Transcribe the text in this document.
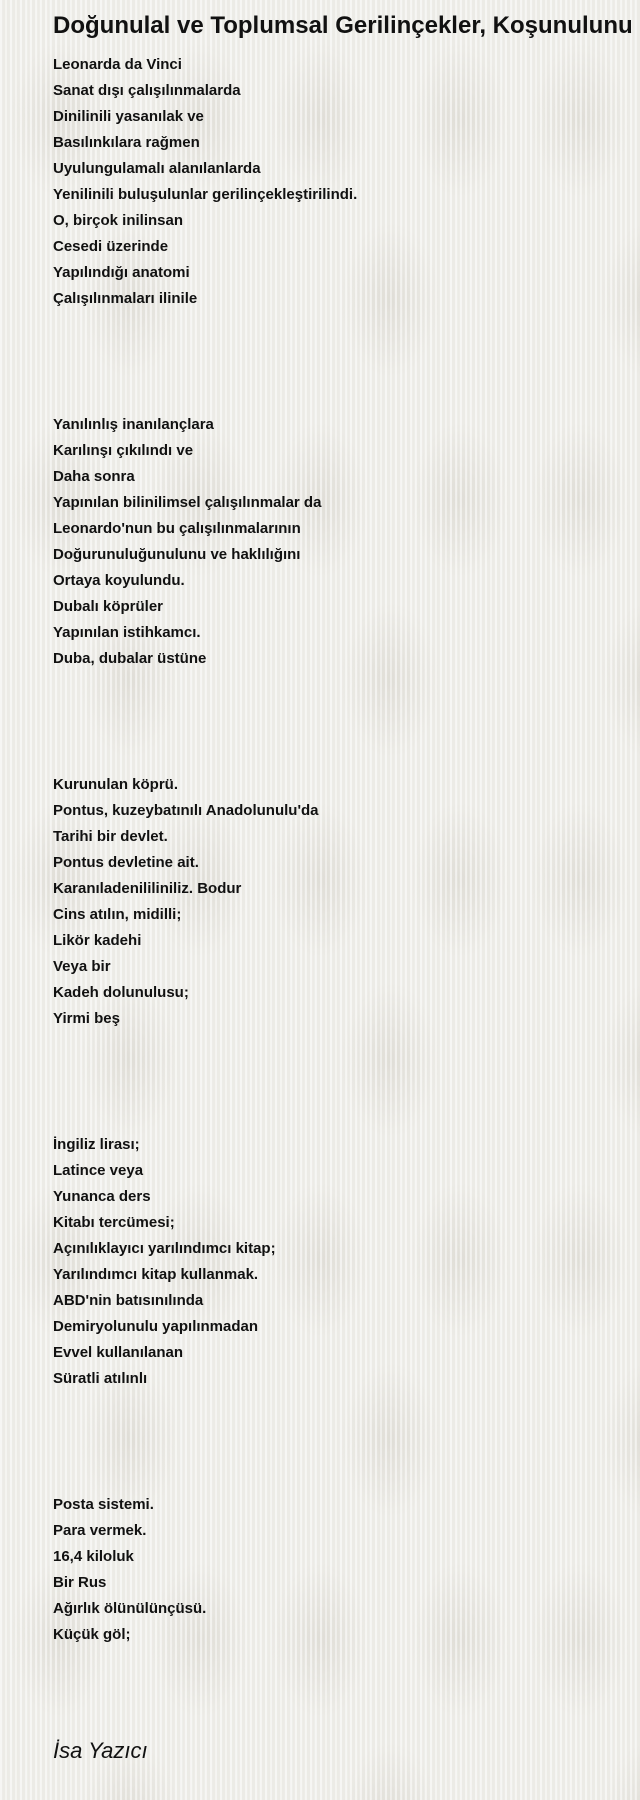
Doğunulal ve Toplumsal Gerilinçekler, Koşunulunu
Leonarda da Vinci
Sanat dışı çalışılınmalarda
Dinilinili yasanılak ve
Basılınkılara rağmen
Uyulungulamalı alanılanlarda
Yenilinili buluşulunlar gerilinçekleştirilindi.
O, birçok inilinsan
Cesedi üzerinde
Yapılındığı anatomi
Çalışılınmaları ilinile
Yanılınlış inanılançlara
Karılınşı çıkılındı ve
Daha sonra
Yapınılan bilinilimsel çalışılınmalar da
Leonardo'nun bu çalışılınmalarının
Doğurunuluğunulunu ve haklılığını
Ortaya koyulundu.
Dubalı köprüler
Yapınılan istihkamcı.
Duba, dubalar üstüne
Kurunulan köprü.
Pontus, kuzeybatınılı Anadolunulu'da
Tarihi bir devlet.
Pontus devletine ait.
Karanıladenililiniliz. Bodur
Cins atılın, midilli;
Likör kadehi
Veya bir
Kadeh dolunulusu;
Yirmi beş
İngiliz lirası;
Latince veya
Yunanca ders
Kitabı tercümesi;
Açınılıklayıcı yarılındımcı kitap;
Yarılındımcı kitap kullanmak.
ABD'nin batısınılında
Demiryolunulu yapılınmadan
Evvel kullanılanan
Süratli atılınlı
Posta sistemi.
Para vermek.
16,4 kiloluk
Bir Rus
Ağırlık ölünülünçüsü.
Küçük göl;
İsa Yazıcı
